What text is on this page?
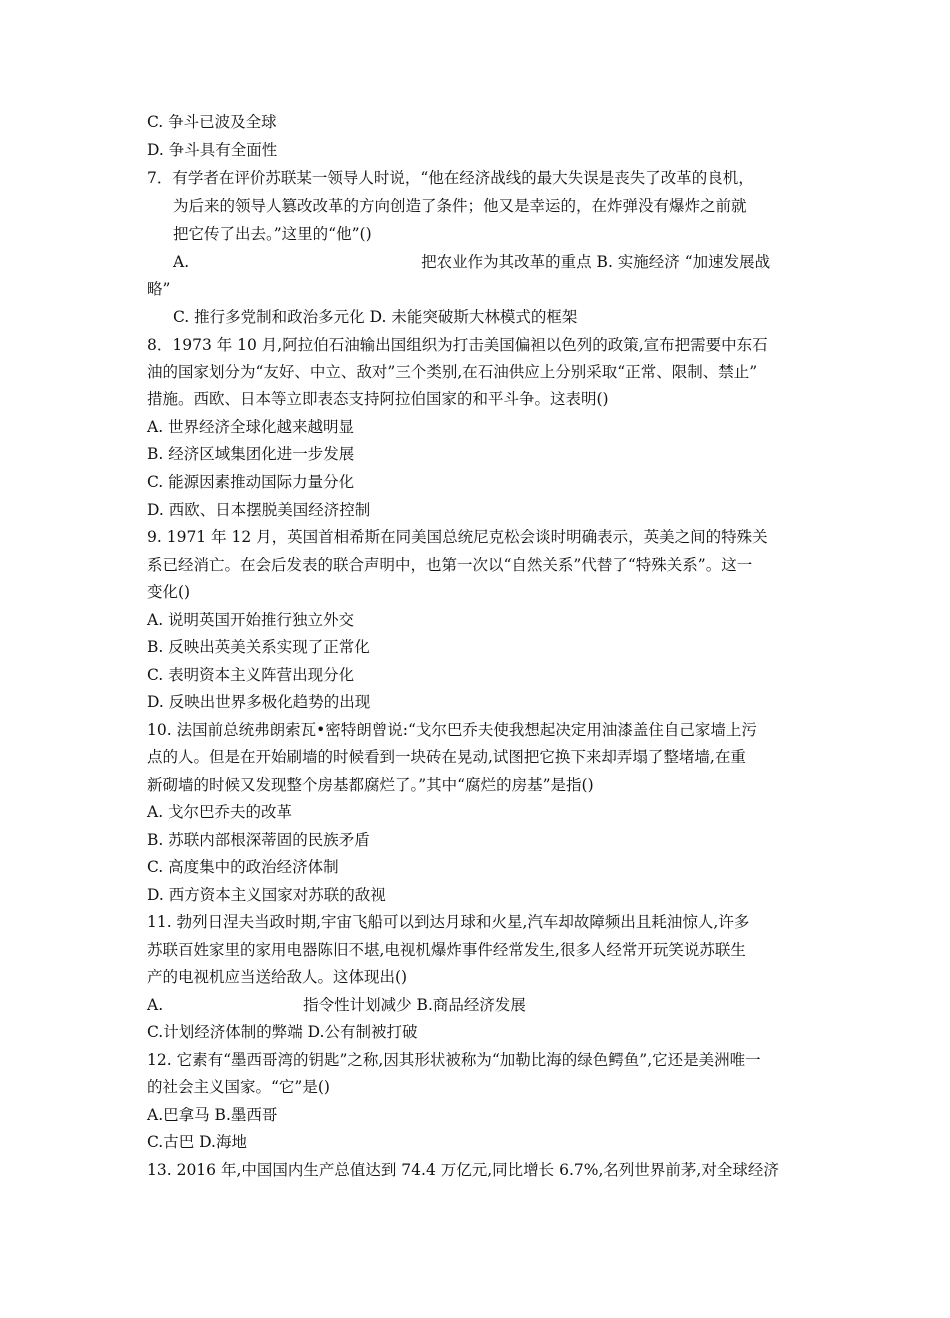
C. 争斗已波及全球
D. 争斗具有全面性
7．有学者在评价苏联某一领导人时说，“他在经济战线的最大失误是丧失了改革的良机，
为后来的领导人篡改改革的方向创造了条件；他又是幸运的，在炸弹没有爆炸之前就
把它传了出去。”这里的“他”()
A.	把农业作为其改革的重点 B. 实施经济 “加速发展战
略”
C. 推行多党制和政治多元化 D. 未能突破斯大林模式的框架
8．1973 年 10 月,阿拉伯石油输出国组织为打击美国偏袒以色列的政策,宣布把需要中东石
油的国家划分为“友好、中立、敌对”三个类别,在石油供应上分别采取“正常、限制、禁止”
措施。西欧、日本等立即表态支持阿拉伯国家的和平斗争。这表明()
A. 世界经济全球化越来越明显
B. 经济区域集团化进一步发展
C. 能源因素推动国际力量分化
D. 西欧、日本摆脱美国经济控制
9. 1971 年 12 月，英国首相希斯在同美国总统尼克松会谈时明确表示，英美之间的特殊关
系已经消亡。在会后发表的联合声明中，也第一次以“自然关系”代替了“特殊关系”。这一
变化()
A. 说明英国开始推行独立外交
B. 反映出英美关系实现了正常化
C. 表明资本主义阵营出现分化
D. 反映出世界多极化趋势的出现
10. 法国前总统弗朗索瓦•密特朗曾说:“戈尔巴乔夫使我想起决定用油漆盖住自己家墙上污
点的人。但是在开始刷墙的时候看到一块砖在晃动,试图把它换下来却弄塌了整堵墙,在重
新砌墙的时候又发现整个房基都腐烂了。”其中“腐烂的房基”是指()
A. 戈尔巴乔夫的改革
B. 苏联内部根深蒂固的民族矛盾
C. 高度集中的政治经济体制
D. 西方资本主义国家对苏联的敌视
11. 勃列日涅夫当政时期,宇宙飞船可以到达月球和火星,汽车却故障频出且耗油惊人,许多
苏联百姓家里的家用电器陈旧不堪,电视机爆炸事件经常发生,很多人经常开玩笑说苏联生
产的电视机应当送给敌人。这体现出()
A.	指令性计划减少 B.商品经济发展
C.计划经济体制的弊端 D.公有制被打破
12. 它素有“墨西哥湾的钥匙”之称,因其形状被称为“加勒比海的绿色鳄鱼”,它还是美洲唯一
的社会主义国家。“它”是()
A.巴拿马 B.墨西哥
C.古巴 D.海地
13. 2016 年,中国国内生产总值达到 74.4 万亿元,同比增长 6.7%,名列世界前茅,对全球经济
